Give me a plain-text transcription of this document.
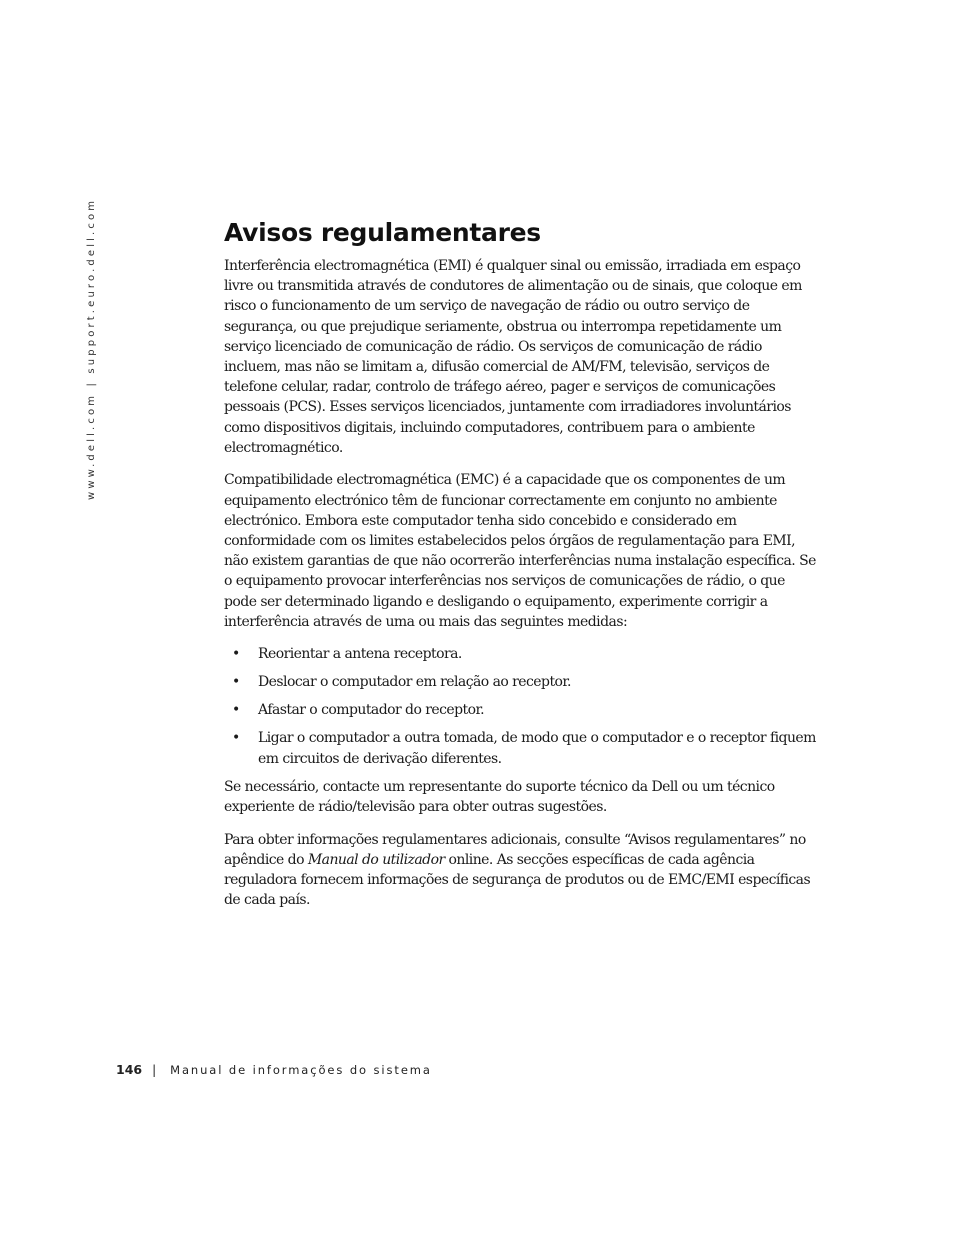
www.dell.com | support.euro.dell.com	Avisos regulamentares

Interferência electromagnética (EMI) é qualquer sinal ou emissão, irradiada em espaço livre ou transmitida através de condutores de alimentação ou de sinais, que coloque em risco o funcionamento de um serviço de navegação de rádio ou outro serviço de segurança, ou que prejudique seriamente, obstrua ou interrompa repetidamente um serviço licenciado de comunicação de rádio. Os serviços de comunicação de rádio incluem, mas não se limitam a, difusão comercial de AM/FM, televisão, serviços de telefone celular, radar, controlo de tráfego aéreo, pager e serviços de comunicações pessoais (PCS). Esses serviços licenciados, juntamente com irradiadores involuntários como dispositivos digitais, incluindo computadores, contribuem para o ambiente electromagnético.

Compatibilidade electromagnética (EMC) é a capacidade que os componentes de um equipamento electrónico têm de funcionar correctamente em conjunto no ambiente electrónico. Embora este computador tenha sido concebido e considerado em conformidade com os limites estabelecidos pelos órgãos de regulamentação para EMI, não existem garantias de que não ocorrerão interferências numa instalação específica. Se o equipamento provocar interferências nos serviços de comunicações de rádio, o que pode ser determinado ligando e desligando o equipamento, experimente corrigir a interferência através de uma ou mais das seguintes medidas:

• Reorientar a antena receptora.
• Deslocar o computador em relação ao receptor.
• Afastar o computador do receptor.
• Ligar o computador a outra tomada, de modo que o computador e o receptor fiquem em circuitos de derivação diferentes.

Se necessário, contacte um representante do suporte técnico da Dell ou um técnico experiente de rádio/televisão para obter outras sugestões.

Para obter informações regulamentares adicionais, consulte “Avisos regulamentares” no apêndice do Manual do utilizador online. As secções específicas de cada agência reguladora fornecem informações de segurança de produtos ou de EMC/EMI específicas de cada país.

146 | Manual de informações do sistema
